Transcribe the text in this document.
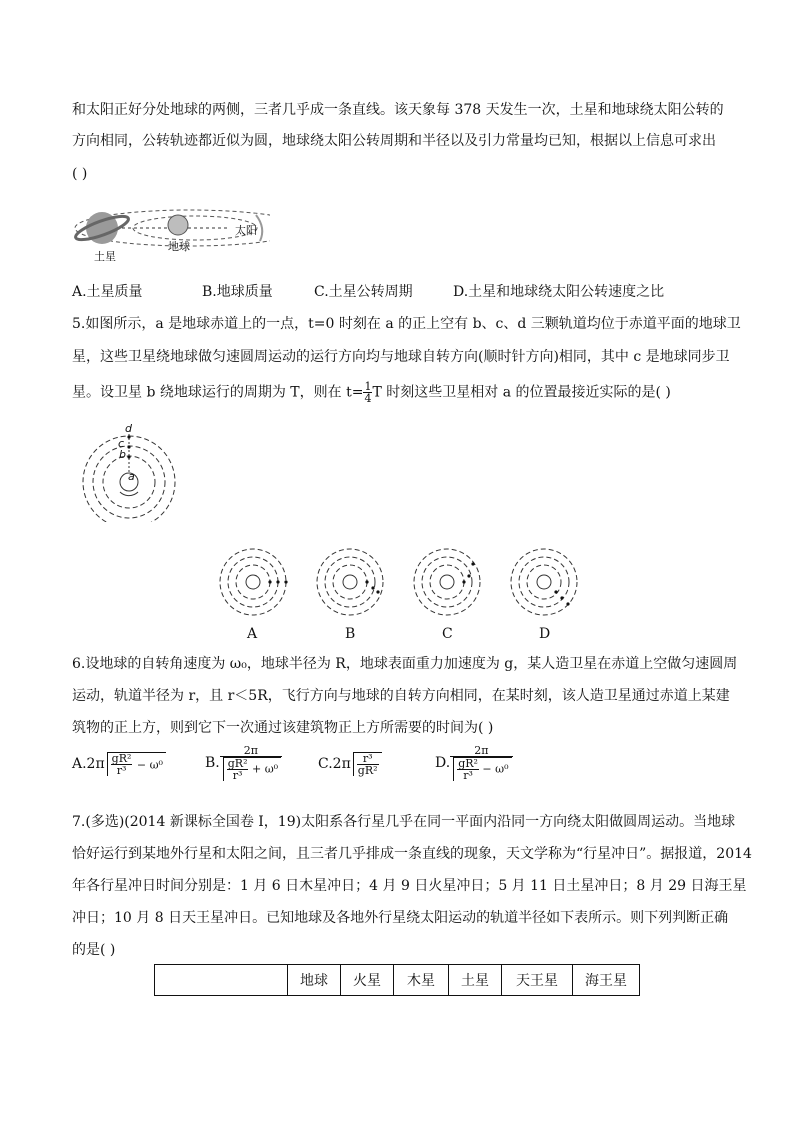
和太阳正好分处地球的两侧，三者几乎成一条直线。该天象每 378 天发生一次，土星和地球绕太阳公转的
方向相同，公转轨迹都近似为圆，地球绕太阳公转周期和半径以及引力常量均已知，根据以上信息可求出
( )
土星
地球
太阳
A.土星质量	B.地球质量	C.土星公转周期	D.土星和地球绕太阳公转速度之比
5.如图所示，a 是地球赤道上的一点，t=0 时刻在 a 的正上空有 b、c、d 三颗轨道均位于赤道平面的地球卫
星，这些卫星绕地球做匀速圆周运动的运行方向均与地球自转方向(顺时针方向)相同，其中 c 是地球同步卫
星。设卫星 b 绕地球运行的周期为 T，则在 $t= \frac{1}{4}$ T 时刻这些卫星相对 a 的位置最接近实际的是( )
d
c
b
a
A	B	C	D
6.设地球的自转角速度为 ω₀，地球半径为 R，地球表面重力加速度为 g，某人造卫星在赤道上空做匀速圆周
运动，轨道半径为 r，且 r＜5R，飞行方向与地球的自转方向相同，在某时刻，该人造卫星通过赤道上某建
筑物的正上方，则到它下一次通过该建筑物正上方所需要的时间为( )
$A.2\pi \frac{\text{gR²}}{\text{r³}} - \omega^0$	B. $\frac{2\pi}{\frac{\text{gR²}}{\text{r³}} + \omega^0}$	$C.2\pi \frac{\text{r³}}{\text{gR²}}$	D. $\frac{2\pi}{\frac{\text{gR²}}{\text{r³}} - \omega^0}$
7.(多选)(2014 新课标全国卷 I，19)太阳系各行星几乎在同一平面内沿同一方向绕太阳做圆周运动。当地球
恰好运行到某地外行星和太阳之间，且三者几乎排成一条直线的现象，天文学称为“行星冲日”。据报道，2014
年各行星冲日时间分别是：1 月 6 日木星冲日；4 月 9 日火星冲日；5 月 11 日土星冲日；8 月 29 日海王星
冲日；10 月 8 日天王星冲日。已知地球及各地外行星绕太阳运动的轨道半径如下表所示。则下列判断正确
的是( )
	地球	火星	木星	土星	天王星	海王星
